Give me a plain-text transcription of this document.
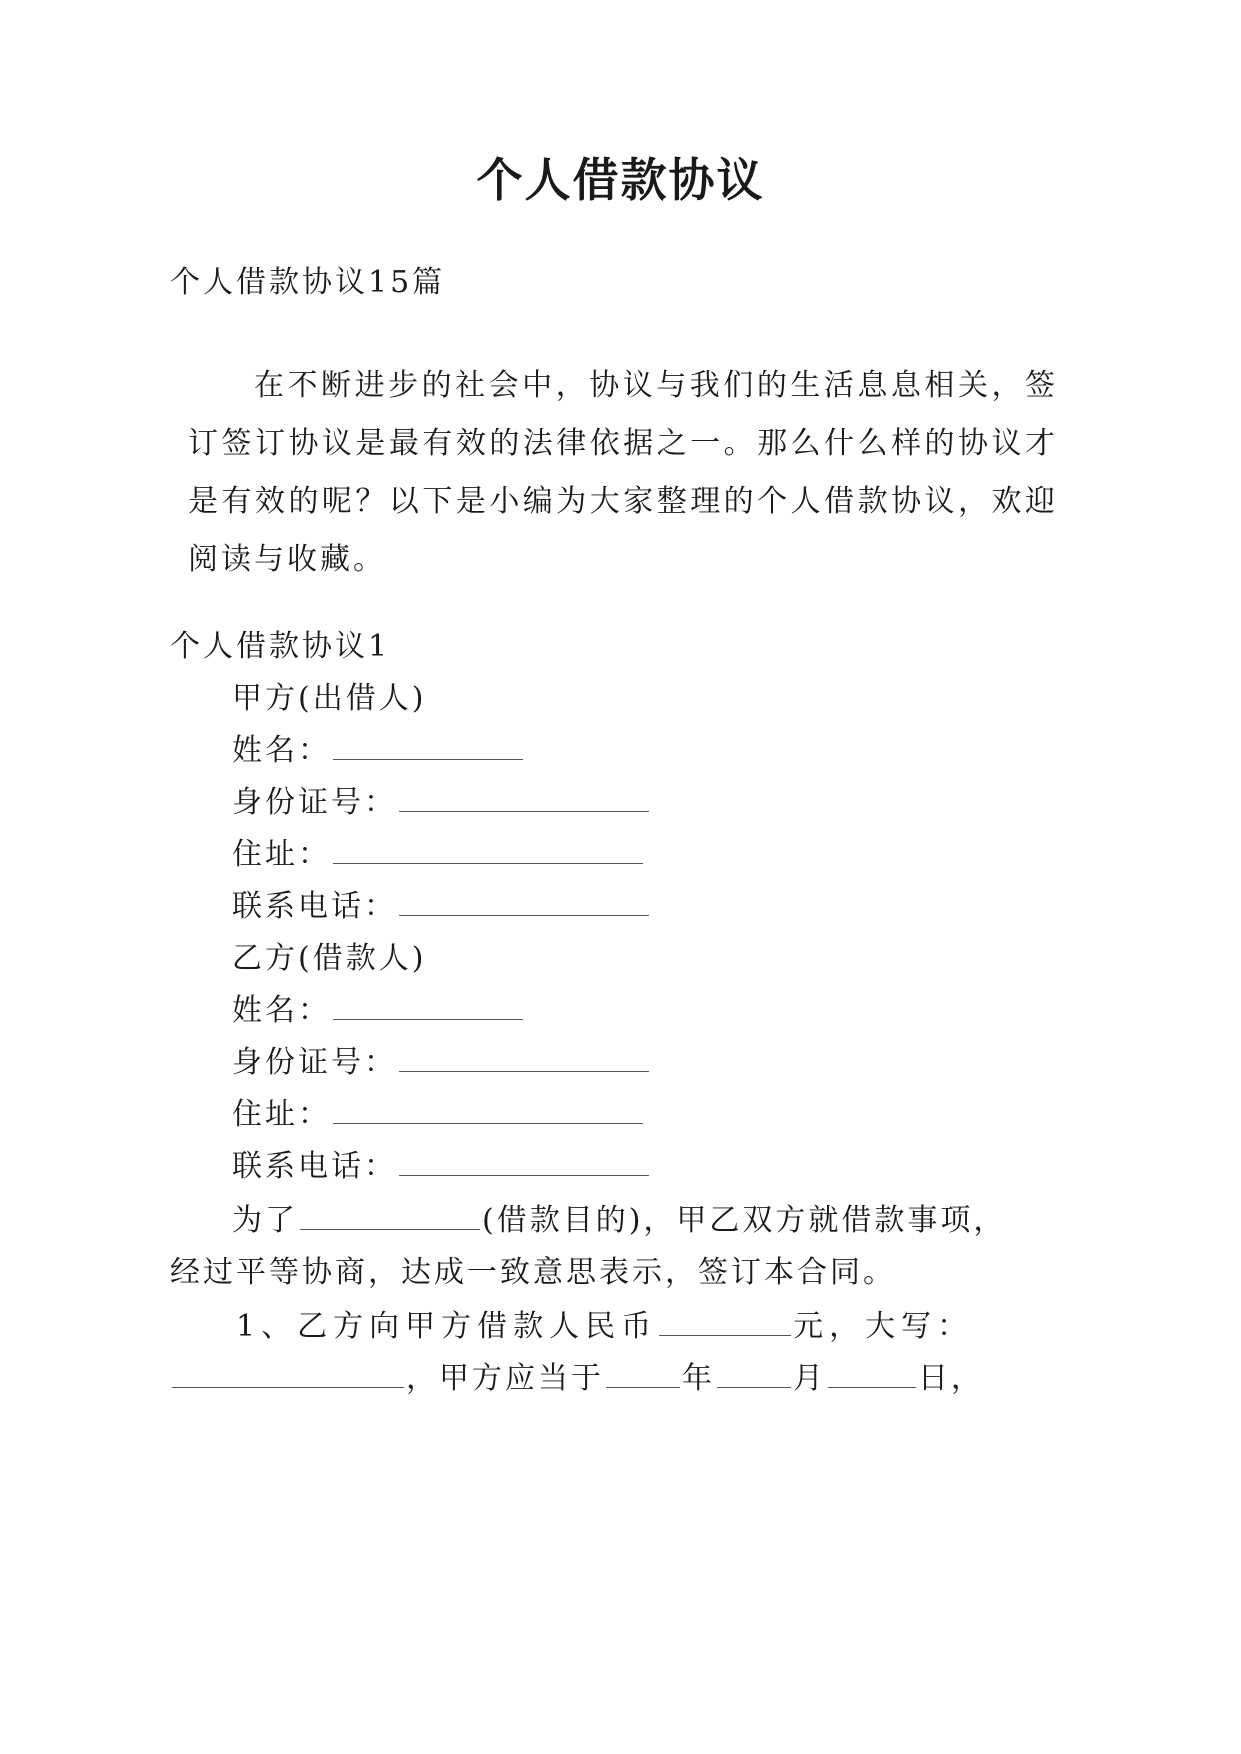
个人借款协议
个人借款协议15篇
在不断进步的社会中，协议与我们的生活息息相关，签订签订协议是最有效的法律依据之一。那么什么样的协议才是有效的呢？以下是小编为大家整理的个人借款协议，欢迎阅读与收藏。
个人借款协议1
甲方(出借人)
姓名：
身份证号：
住址：
联系电话：
乙方(借款人)
姓名：
身份证号：
住址：
联系电话：
为了	(借款目的)，甲乙双方就借款事项，
经过平等协商，达成一致意思表示，签订本合同。
1、乙方向甲方借款人民币	元，大写：
，甲方应当于	年	月	日，
